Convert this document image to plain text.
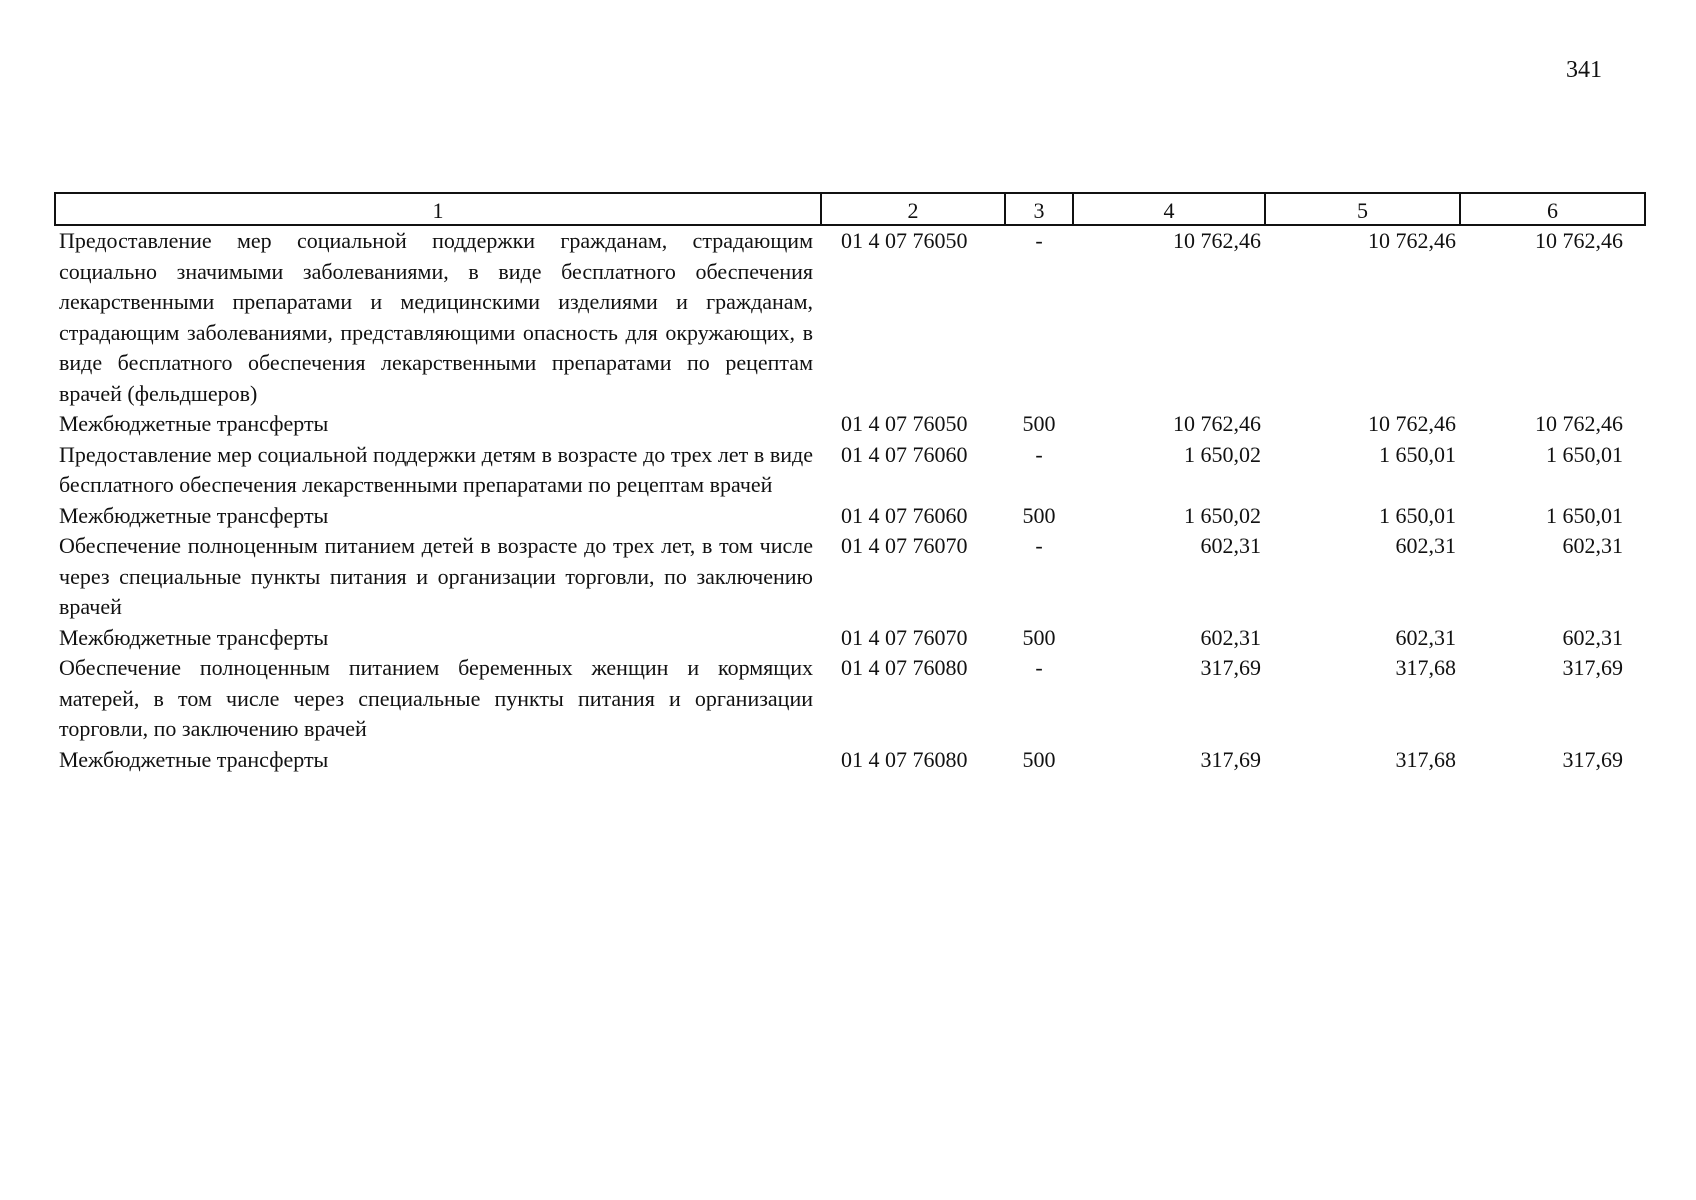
341
1	2	3	4	5	6
Предоставление мер социальной поддержки гражданам, страдающим социально значимыми заболеваниями, в виде бесплатного обеспечения лекарственными препаратами и медицинскими изделиями и гражданам, страдающим заболеваниями, представляющими опасность для окружающих, в виде бесплатного обеспечения лекарственными препаратами по рецептам врачей (фельдшеров)	01 4 07 76050	-	10 762,46	10 762,46	10 762,46
Межбюджетные трансферты	01 4 07 76050	500	10 762,46	10 762,46	10 762,46
Предоставление мер социальной поддержки детям в возрасте до трех лет в виде бесплатного обеспечения лекарственными препаратами по рецептам врачей	01 4 07 76060	-	1 650,02	1 650,01	1 650,01
Межбюджетные трансферты	01 4 07 76060	500	1 650,02	1 650,01	1 650,01
Обеспечение полноценным питанием детей в возрасте до трех лет, в том числе через специальные пункты питания и организации торговли, по заключению врачей	01 4 07 76070	-	602,31	602,31	602,31
Межбюджетные трансферты	01 4 07 76070	500	602,31	602,31	602,31
Обеспечение полноценным питанием беременных женщин и кормящих матерей, в том числе через специальные пункты питания и организации торговли, по заключению врачей	01 4 07 76080	-	317,69	317,68	317,69
Межбюджетные трансферты	01 4 07 76080	500	317,69	317,68	317,69
